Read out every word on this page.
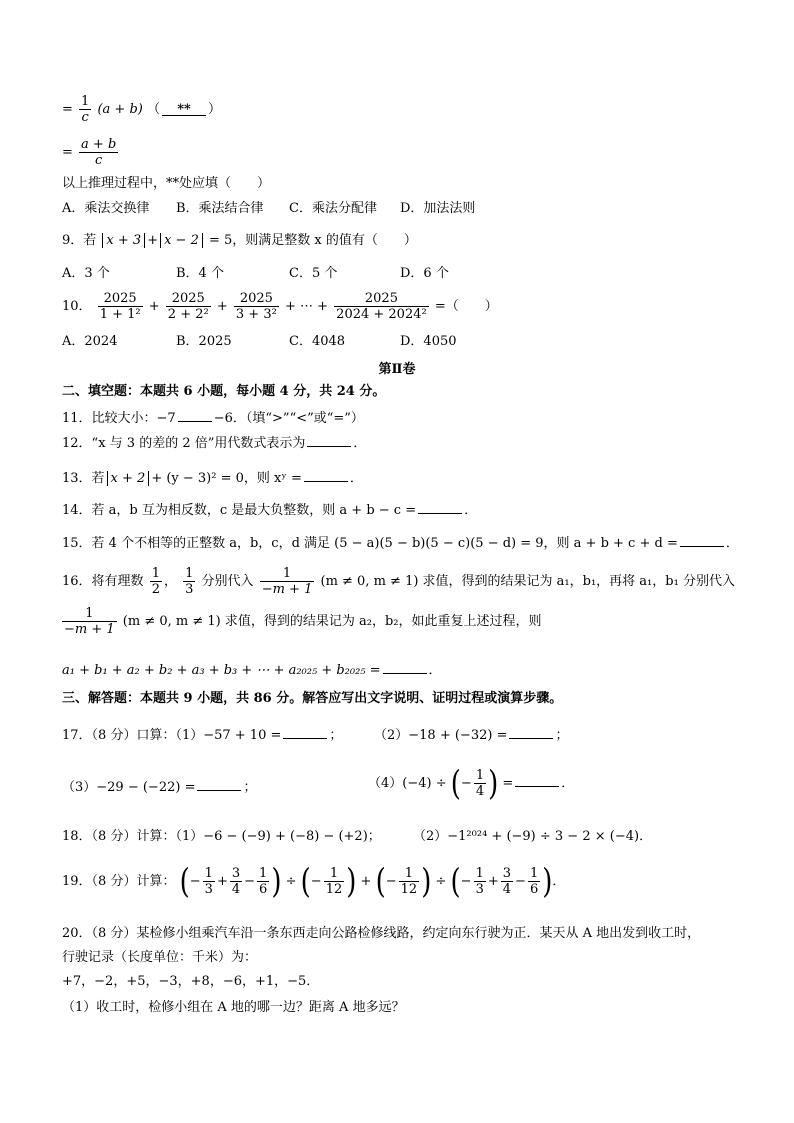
= $\frac{1}{c} (a + b)$ （ ** ）
= $\frac{a + b}{c}$
以上推理过程中，**处应填（　　）
A．乘法交换律 B．乘法结合律 C．乘法分配律 D．加法法则
9．若 x + 3 + x − 2 = 5，则满足整数 x 的值有（　　）
A．3 个	B．4 个	C．5 个	D．6 个
10． $\frac{2025}{\text{1 + 1²}} + \frac{2025}{\text{2 + 2²}} + \frac{2025}{\text{3 + 3²}}$ + ⋯ + $\frac{2025}{\text{2024 + 2024²}}$ =（　　）
A．2024	B．2025	C．4048	D．4050
第Ⅱ卷
二、填空题：本题共 6 小题，每小题 4 分，共 24 分。
11．比较大小：−7	−6．（填“>”“<”或“=”）
12．“x 与 3 的差的 2 倍”用代数式表示为	．
13．若 x + 2 + (y − 3)² = 0，则 xʸ =	．
14．若 a，b 互为相反数，c 是最大负整数，则 a + b − c =	．
15．若 4 个不相等的正整数 a，b，c，d 满足 (5 − a)(5 − b)(5 − c)(5 − d) = 9，则 a + b + c + d =	．
16．将有理数 $\frac{1}{2}$ ， $\frac{1}{3}$ 分别代入 $\frac{1}{-m + 1} (m \ne 0$, m ≠ 1) 求值，得到的结果记为 a₁，b₁，再将 a₁，b₁ 分别代入
$\frac{1}{-m + 1} (m \ne 0$, m ≠ 1) 求值，得到的结果记为 a₂，b₂，如此重复上述过程，则
a₁ + b₁ + a₂ + b₂ + a₃ + b₃ + ⋯ + a₂₀₂₅ + b₂₀₂₅ =	．
三、解答题：本题共 9 小题，共 86 分。解答应写出文字说明、证明过程或演算步骤。
17．（8 分）口算：（1）−57 + 10 =	； （2）−18 + (−32) =	；
（3）−29 − (−22) =	；	（4）(−4) ÷ (− $\frac{1}{4}$ ) =	．
18．（8 分）计算：（1）−6 − (−9) + (−8) − (+2)； （2）−1²⁰²⁴ + (−9) ÷ 3 − 2 × (−4)．
19．（8 分）计算： (− $\frac{1}{3} + \frac{3}{4} - \frac{1}{6}$ ) ÷ (− $\frac{1}{12}$ ) + (− $\frac{1}{12}$ ) ÷ (− $\frac{1}{3} + \frac{3}{4} - \frac{1}{6}$ )．
20．（8 分）某检修小组乘汽车沿一条东西走向公路检修线路，约定向东行驶为正．某天从 A 地出发到收工时，
行驶记录（长度单位：千米）为：
+7，−2，+5，−3，+8，−6，+1，−5．
（1）收工时，检修小组在 A 地的哪一边？距离 A 地多远？
